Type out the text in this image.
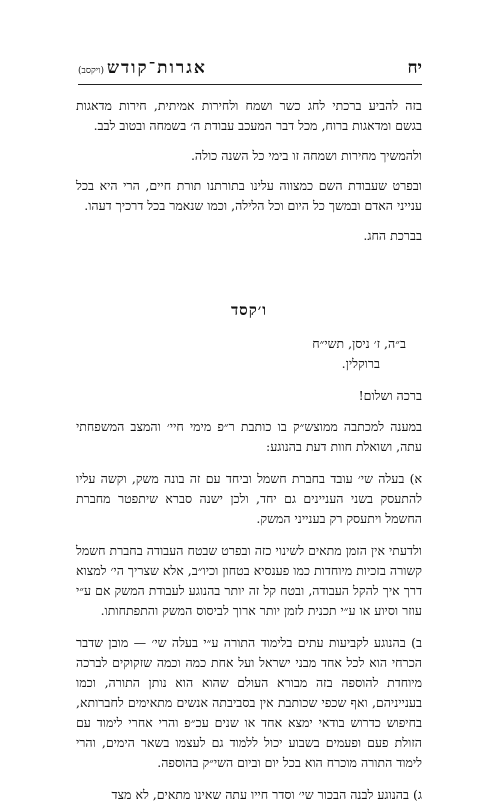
יח
אגרות־קודש(ויקסב)

בזה להביע ברכתי לחג כשר ושמח ולחירות אמיתית, חירות מדאגות בגשם ומדאגות ברוח, מכל דבר המעכב עבודת ה׳ בשמחה ובטוב לבב.

ולהמשיך מחירות ושמחה זו בימי כל השנה כולה.

ובפרט שעבודת השם כמצווה עלינו בתורתנו תורת חיים, הרי היא בכל ענייני האדם ובמשך כל היום וכל הלילה, וכמו שנאמר בכל דרכיך דעהו.

בברכת החג.

ו׳קסד

ב״ה, ז׳ ניסן, תשי״ח

ברוקלין.

ברכה ושלום!

במענה למכתבה ממוצש״ק בו כותבת ר״פ מימי חיי׳ והמצב המשפחתי עתה, ושואלת חוות דעת בהנוגע:

א) בעלה שי׳ עובד בחברת חשמל וביחד עם זה בונה משק, וקשה עליו להתעסק בשני העניינים גם יחד, ולכן ישנה סברא שיתפטר מחברת החשמל ויתעסק רק בענייני המשק.

ולדעתי אין הזמן מתאים לשינוי כזה ובפרט שבטח העבודה בחברת חשמל קשורה בזכיות מיוחדות כמו פענסיא בטחון וכיו״ב, אלא שצריך הי׳ למצוא דרך איך להקל העבודה, ובטח קל זה יותר בהנוגע לעבודת המשק אם ע״י עוזר וסיוע או ע״י תכנית לזמן יותר ארוך לביסוס המשק והתפתחותו.

ב) בהנוגע לקביעות עתים בלימוד התורה ע״י בעלה שי׳ — מובן שדבר הכרחי הוא לכל אחד מבני ישראל ועל אחת כמה וכמה שזקוקים לברכה מיוחדת להוספה בזה מבורא העולם שהוא הוא נותן התורה, וכמו בענייניהם, ואף שכפי שכותבת אין בסביבתה אנשים מתאימים לחברותא, בחיפוש כדרוש בודאי ימצא אחד או שנים עכ״פ והרי אחרי לימוד עם הזולת פעם ופעמים בשבוע יכול ללמוד גם לעצמו בשאר הימים, והרי לימוד התורה מוכרח הוא בכל יום וביום השי״ק בהוספה.

ג) בהנוגע לבנה הבכור שי׳ וסדר חייו עתה שאינו מתאים, לא מצד
